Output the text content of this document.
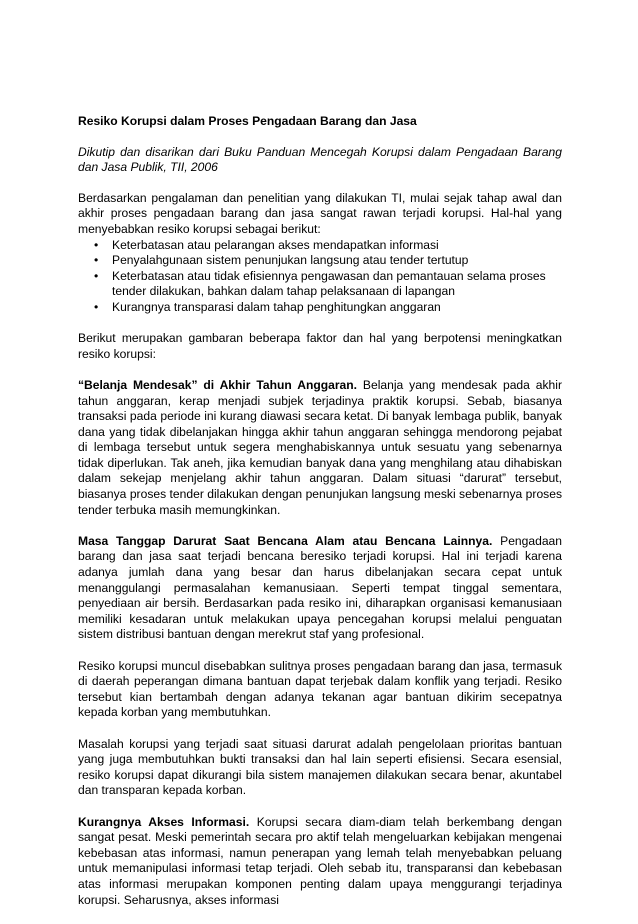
Resiko Korupsi dalam Proses Pengadaan Barang dan Jasa

Dikutip dan disarikan dari Buku Panduan Mencegah Korupsi dalam Pengadaan Barang dan Jasa Publik, TII, 2006

Berdasarkan pengalaman dan penelitian yang dilakukan TI, mulai sejak tahap awal dan akhir proses pengadaan barang dan jasa sangat rawan terjadi korupsi. Hal-hal yang menyebabkan resiko korupsi sebagai berikut:

• Keterbatasan atau pelarangan akses mendapatkan informasi
• Penyalahgunaan sistem penunjukan langsung atau tender tertutup
• Keterbatasan atau tidak efisiennya pengawasan dan pemantauan selama proses tender dilakukan, bahkan dalam tahap pelaksanaan di lapangan
• Kurangnya transparasi dalam tahap penghitungkan anggaran

Berikut merupakan gambaran beberapa faktor dan hal yang berpotensi meningkatkan resiko korupsi:

“Belanja Mendesak” di Akhir Tahun Anggaran. Belanja yang mendesak pada akhir tahun anggaran, kerap menjadi subjek terjadinya praktik korupsi. Sebab, biasanya transaksi pada periode ini kurang diawasi secara ketat. Di banyak lembaga publik, banyak dana yang tidak dibelanjakan hingga akhir tahun anggaran sehingga mendorong pejabat di lembaga tersebut untuk segera menghabiskannya untuk sesuatu yang sebenarnya tidak diperlukan. Tak aneh, jika kemudian banyak dana yang menghilang atau dihabiskan dalam sekejap menjelang akhir tahun anggaran. Dalam situasi “darurat” tersebut, biasanya proses tender dilakukan dengan penunjukan langsung meski sebenarnya proses tender terbuka masih memungkinkan.

Masa Tanggap Darurat Saat Bencana Alam atau Bencana Lainnya. Pengadaan barang dan jasa saat terjadi bencana beresiko terjadi korupsi. Hal ini terjadi karena adanya jumlah dana yang besar dan harus dibelanjakan secara cepat untuk menanggulangi permasalahan kemanusiaan. Seperti tempat tinggal sementara, penyediaan air bersih. Berdasarkan pada resiko ini, diharapkan organisasi kemanusiaan memiliki kesadaran untuk melakukan upaya pencegahan korupsi melalui penguatan sistem distribusi bantuan dengan merekrut staf yang profesional.

Resiko korupsi muncul disebabkan sulitnya proses pengadaan barang dan jasa, termasuk di daerah peperangan dimana bantuan dapat terjebak dalam konflik yang terjadi. Resiko tersebut kian bertambah dengan adanya tekanan agar bantuan dikirim secepatnya kepada korban yang membutuhkan.

Masalah korupsi yang terjadi saat situasi darurat adalah pengelolaan prioritas bantuan yang juga membutuhkan bukti transaksi dan hal lain seperti efisiensi. Secara esensial, resiko korupsi dapat dikurangi bila sistem manajemen dilakukan secara benar, akuntabel dan transparan kepada korban.

Kurangnya Akses Informasi. Korupsi secara diam-diam telah berkembang dengan sangat pesat. Meski pemerintah secara pro aktif telah mengeluarkan kebijakan mengenai kebebasan atas informasi, namun penerapan yang lemah telah menyebabkan peluang untuk memanipulasi informasi tetap terjadi. Oleh sebab itu, transparansi dan kebebasan atas informasi merupakan komponen penting dalam upaya menggurangi terjadinya korupsi. Seharusnya, akses informasi
